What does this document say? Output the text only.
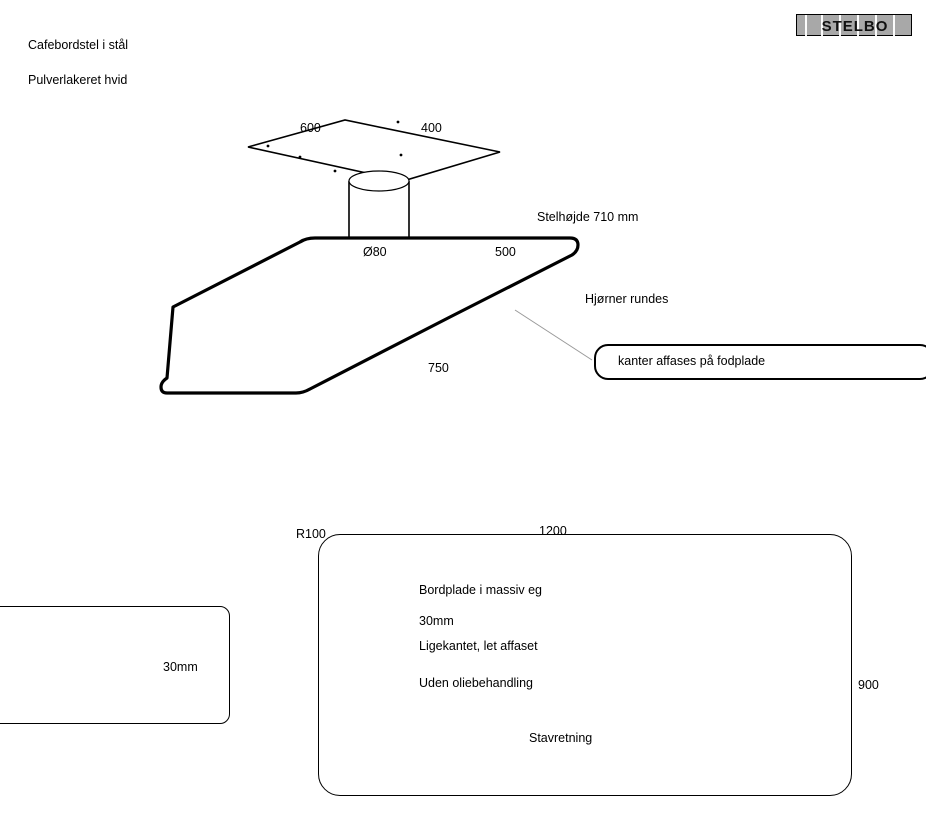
STELBO
Cafebordstel i stål
Pulverlakeret hvid
600	400
Ø80
Stelhøjde 710 mm
500
750
Hjørner rundes
kanter affases på fodplade
30mm
R100	1200
900
Bordplade i massiv eg
30mm
Ligekantet, let affaset
Uden oliebehandling
Stavretning
